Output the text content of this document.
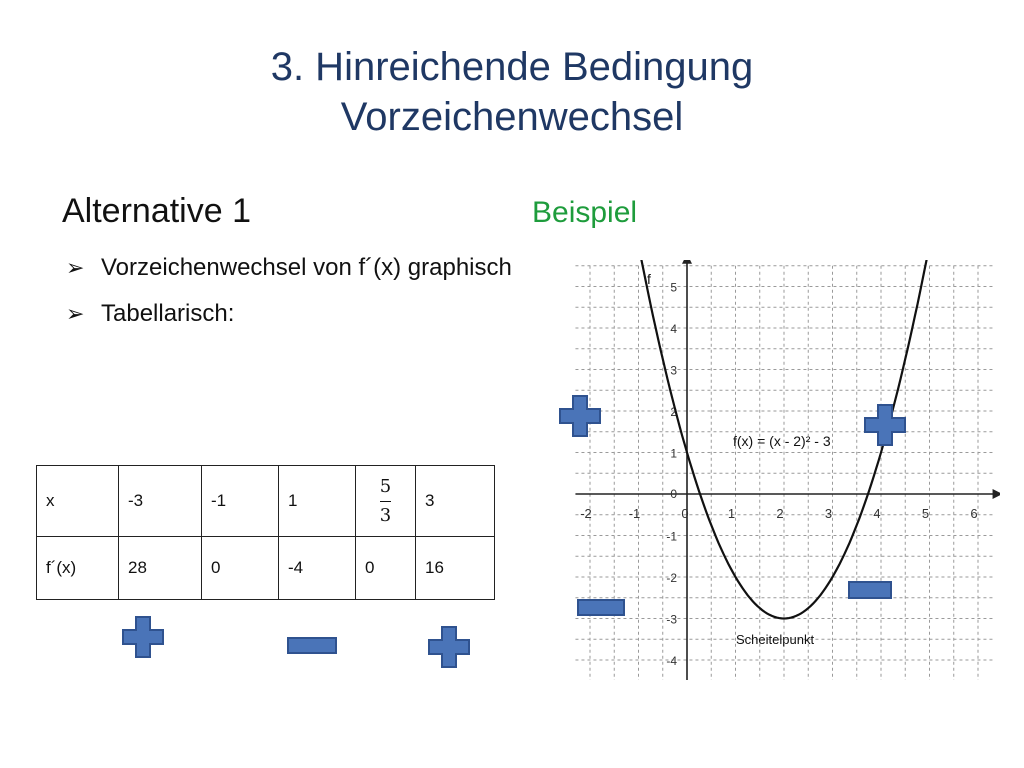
3. Hinreichende Bedingung
Vorzeichenwechsel
Alternative 1	Beispiel
➢ Vorzeichenwechsel von f´(x) graphisch
➢ Tabellarisch:
x	-3	-1	1	$\frac{5}{3}$	3
f´(x)	28	0	-4	0	16
-2	-1	0	1	2	3	4	5	6
5
4
3
2
1
-1
-2
-3
-4
0
f(x) = (x - 2)² - 3
Scheitelpunkt
f
